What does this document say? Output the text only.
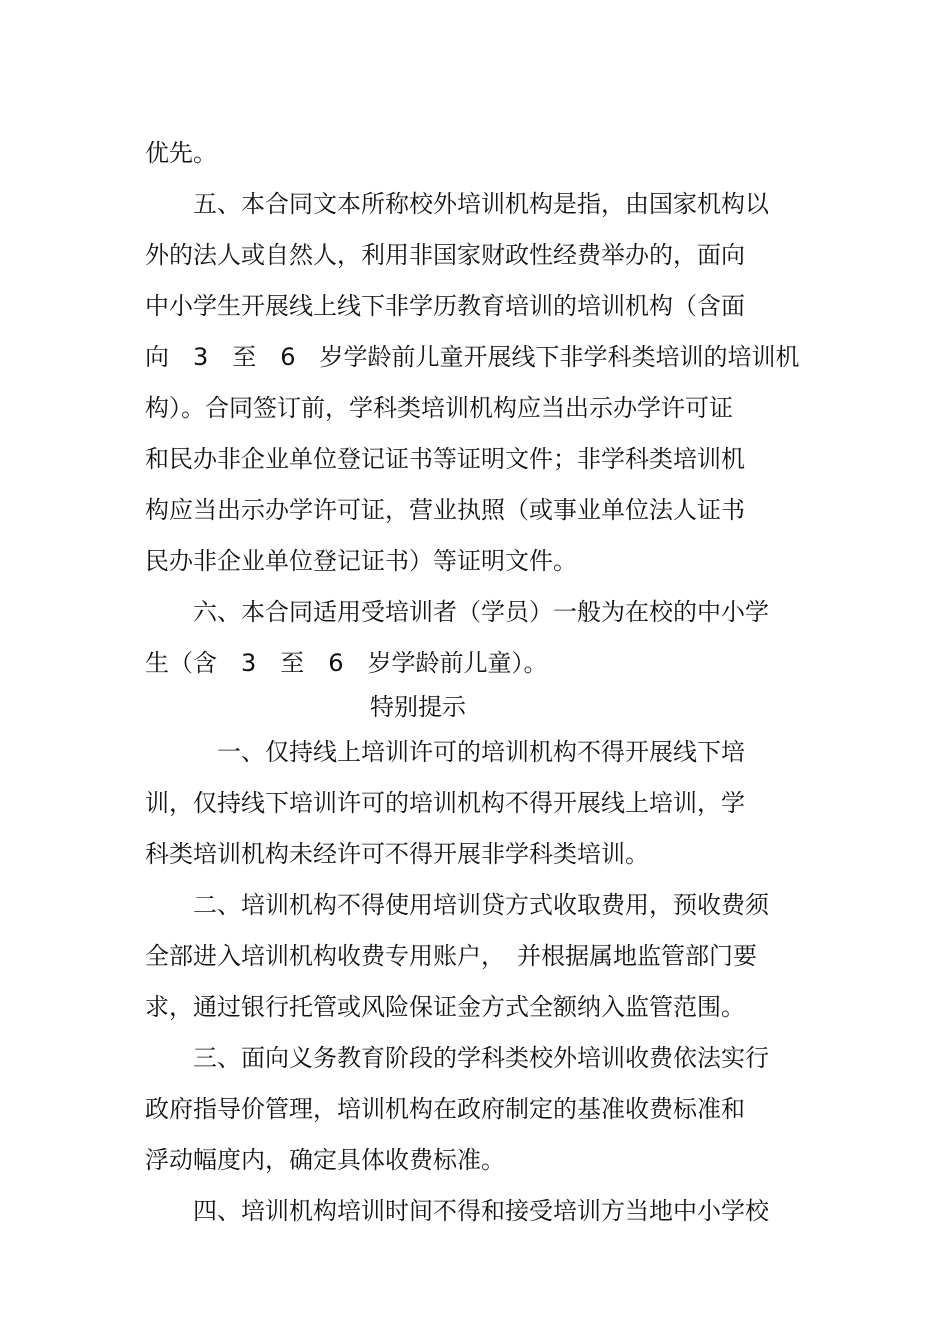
优先。

　　五、本合同文本所称校外培训机构是指，由国家机构以

外的法人或自然人，利用非国家财政性经费举办的，面向

中小学生开展线上线下非学历教育培训的培训机构（含面

向　3　至　6　岁学龄前儿童开展线下非学科类培训的培训机

构）。合同签订前，学科类培训机构应当出示办学许可证

和民办非企业单位登记证书等证明文件；非学科类培训机

构应当出示办学许可证，营业执照（或事业单位法人证书

民办非企业单位登记证书）等证明文件。

　　六、本合同适用受培训者（学员）一般为在校的中小学

生（含　3　至　6　岁学龄前儿童）。

特别提示

　　　一、仅持线上培训许可的培训机构不得开展线下培

训，仅持线下培训许可的培训机构不得开展线上培训，学

科类培训机构未经许可不得开展非学科类培训。

　　二、培训机构不得使用培训贷方式收取费用，预收费须

全部进入培训机构收费专用账户，　并根据属地监管部门要

求，通过银行托管或风险保证金方式全额纳入监管范围。

　　三、面向义务教育阶段的学科类校外培训收费依法实行

政府指导价管理，培训机构在政府制定的基准收费标准和

浮动幅度内，确定具体收费标准。

　　四、培训机构培训时间不得和接受培训方当地中小学校
